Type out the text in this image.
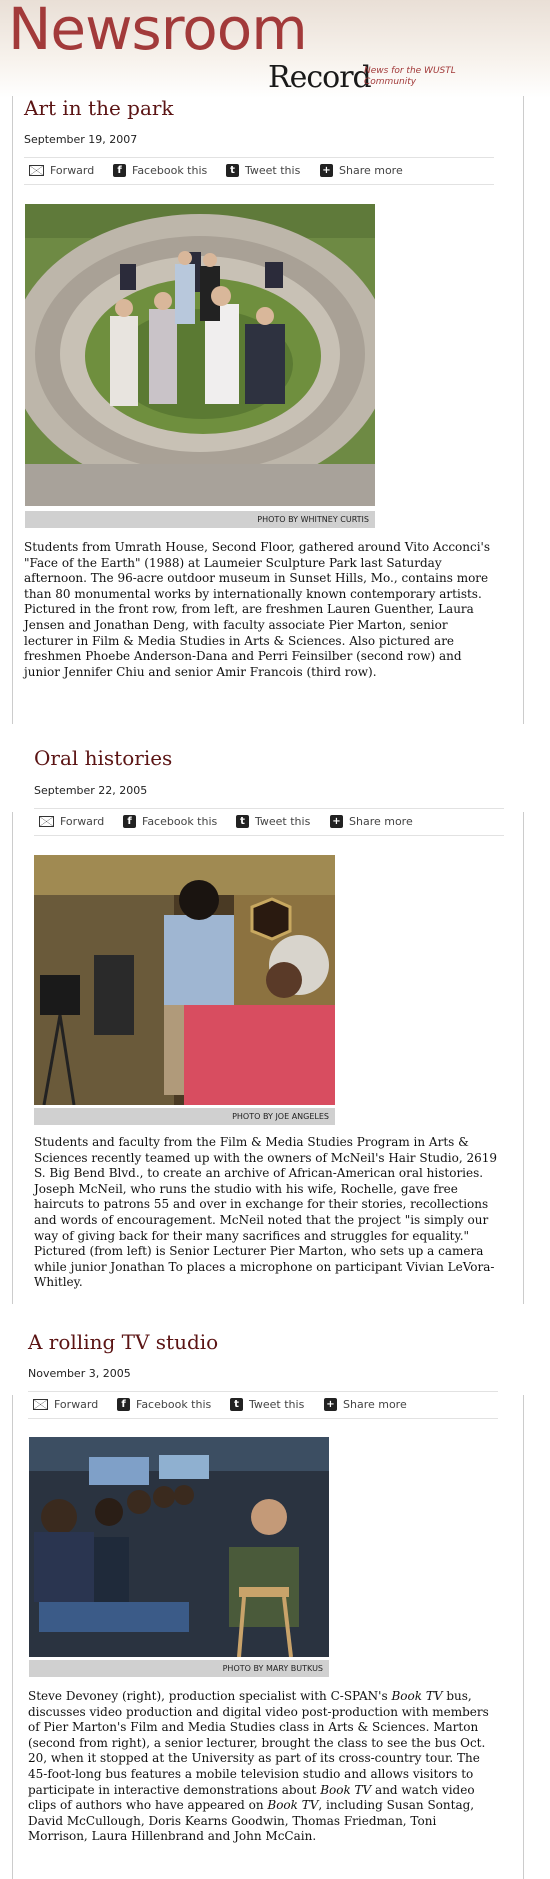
Newsroom
Record
News for the WUSTL Community
Art in the park
September 19, 2007
Forward	f Facebook this	t Tweet this + Share more
PHOTO BY WHITNEY CURTIS
Students from Umrath House, Second Floor, gathered around Vito Acconci's "Face of the Earth" (1988) at Laumeier Sculpture Park last Saturday afternoon. The 96-acre outdoor museum in Sunset Hills, Mo., contains more than 80 monumental works by internationally known contemporary artists. Pictured in the front row, from left, are freshmen Lauren Guenther, Laura Jensen and Jonathan Deng, with faculty associate Pier Marton, senior lecturer in Film & Media Studies in Arts & Sciences. Also pictured are freshmen Phoebe Anderson-Dana and Perri Feinsilber (second row) and junior Jennifer Chiu and senior Amir Francois (third row).
Oral histories
September 22, 2005
Forward	f Facebook this	t Tweet this + Share more
PHOTO BY JOE ANGELES
Students and faculty from the Film & Media Studies Program in Arts & Sciences recently teamed up with the owners of McNeil's Hair Studio, 2619 S. Big Bend Blvd., to create an archive of African-American oral histories. Joseph McNeil, who runs the studio with his wife, Rochelle, gave free haircuts to patrons 55 and over in exchange for their stories, recollections and words of encouragement. McNeil noted that the project "is simply our way of giving back for their many sacrifices and struggles for equality." Pictured (from left) is Senior Lecturer Pier Marton, who sets up a camera while junior Jonathan To places a microphone on participant Vivian LeVora-Whitley.
A rolling TV studio
November 3, 2005
Forward	f Facebook this	t Tweet this + Share more
PHOTO BY MARY BUTKUS
Steve Devoney (right), production specialist with C-SPAN's Book TV bus, discusses video production and digital video post-production with members of Pier Marton's Film and Media Studies class in Arts & Sciences. Marton (second from right), a senior lecturer, brought the class to see the bus Oct. 20, when it stopped at the University as part of its cross-country tour. The 45-foot-long bus features a mobile television studio and allows visitors to participate in interactive demonstrations about Book TV and watch video clips of authors who have appeared on Book TV, including Susan Sontag, David McCullough, Doris Kearns Goodwin, Thomas Friedman, Toni Morrison, Laura Hillenbrand and John McCain.
